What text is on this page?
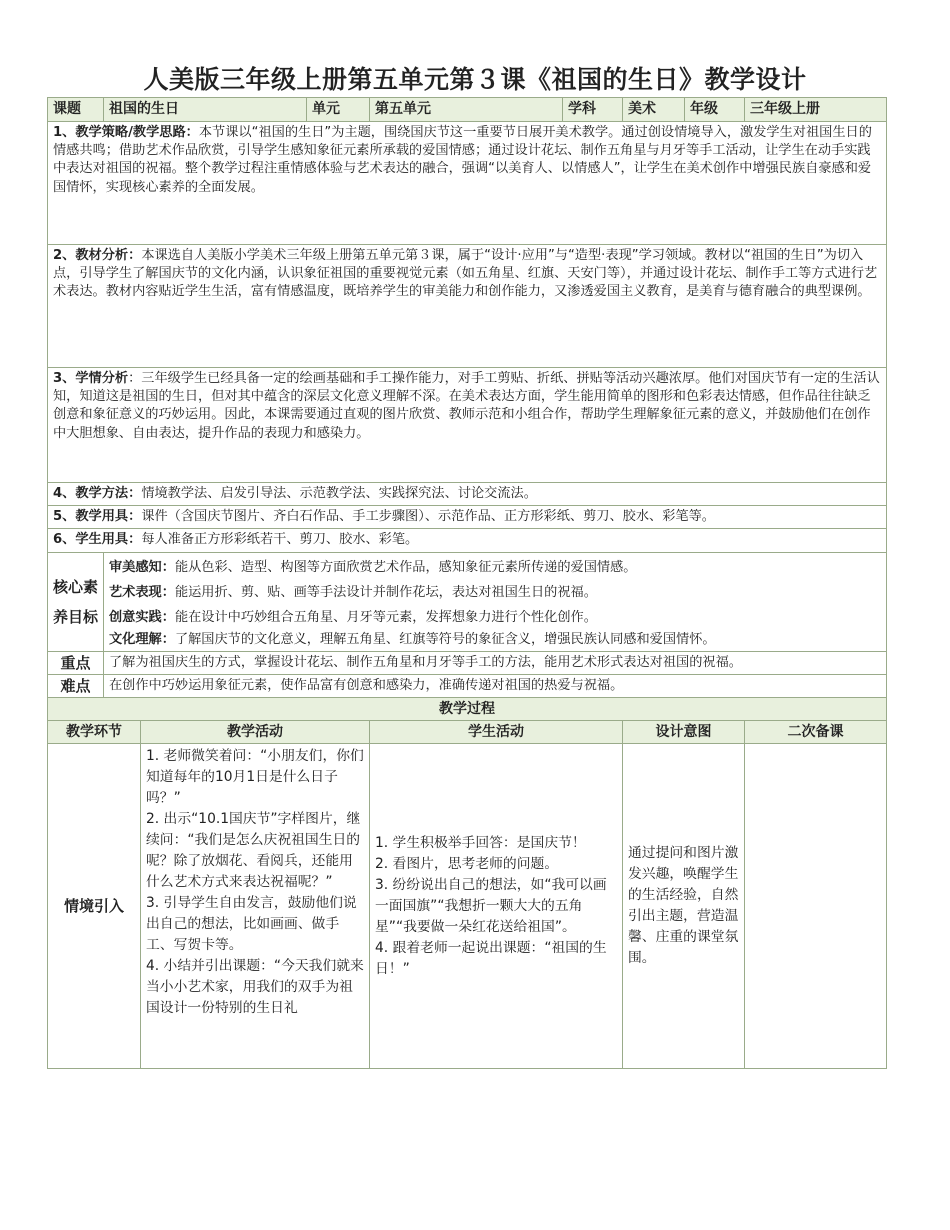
人美版三年级上册第五单元第３课《祖国的生日》教学设计
课题	祖国的生日		单元	第五单元	学科	美术	年级	三年级上册
1、教学策略/教学思路：本节课以“祖国的生日”为主题，围绕国庆节这一重要节日展开美术教学。通过创设情境导入，激发学生对祖国生日的情感共鸣；借助艺术作品欣赏，引导学生感知象征元素所承载的爱国情感；通过设计花坛、制作五角星与月牙等手工活动，让学生在动手实践中表达对祖国的祝福。整个教学过程注重情感体验与艺术表达的融合，强调“以美育人、以情感人”，让学生在美术创作中增强民族自豪感和爱国情怀，实现核心素养的全面发展。								
2、教材分析：本课选自人美版小学美术三年级上册第五单元第３课，属于“设计·应用”与“造型·表现”学习领域。教材以“祖国的生日”为切入点，引导学生了解国庆节的文化内涵，认识象征祖国的重要视觉元素（如五角星、红旗、天安门等），并通过设计花坛、制作手工等方式进行艺术表达。教材内容贴近学生生活，富有情感温度，既培养学生的审美能力和创作能力，又渗透爱国主义教育，是美育与德育融合的典型课例。								
3、学情分析：三年级学生已经具备一定的绘画基础和手工操作能力，对手工剪贴、折纸、拼贴等活动兴趣浓厚。他们对国庆节有一定的生活认知，知道这是祖国的生日，但对其中蕴含的深层文化意义理解不深。在美术表达方面，学生能用简单的图形和色彩表达情感，但作品往往缺乏创意和象征意义的巧妙运用。因此，本课需要通过直观的图片欣赏、教师示范和小组合作，帮助学生理解象征元素的意义，并鼓励他们在创作中大胆想象、自由表达，提升作品的表现力和感染力。								
4、教学方法：情境教学法、启发引导法、示范教学法、实践探究法、讨论交流法。								
5、教学用具：课件（含国庆节图片、齐白石作品、手工步骤图）、示范作品、正方形彩纸、剪刀、胶水、彩笔等。								
6、学生用具：每人准备正方形彩纸若干、剪刀、胶水、彩笔。								
核心素养目标	审美感知：能从色彩、造型、构图等方面欣赏艺术作品，感知象征元素所传递的爱国情感。
艺术表现：能运用折、剪、贴、画等手法设计并制作花坛，表达对祖国生日的祝福。
创意实践：能在设计中巧妙组合五角星、月牙等元素，发挥想象力进行个性化创作。
文化理解：了解国庆节的文化意义，理解五角星、红旗等符号的象征含义，增强民族认同感和爱国情怀。							

重点	了解为祖国庆生的方式，掌握设计花坛、制作五角星和月牙等手工的方法，能用艺术形式表达对祖国的祝福。							
难点	在创作中巧妙运用象征元素，使作品富有创意和感染力，准确传递对祖国的热爱与祝福。							
教学过程								
教学环节		教学活动		学生活动		设计意图		二次备课
情境引入		1. 老师微笑着问：“小朋友们，你们知道每年的10月1日是什么日子吗？”
2. 出示“10.1国庆节”字样图片，继续问：“我们是怎么庆祝祖国生日的呢？除了放烟花、看阅兵，还能用什么艺术方式来表达祝福呢？”
3. 引导学生自由发言，鼓励他们说出自己的想法，比如画画、做手工、写贺卡等。
4. 小结并引出课题：“今天我们就来当小小艺术家，用我们的双手为祖国设计一份特别的生日礼		1. 学生积极举手回答：是国庆节！
2. 看图片，思考老师的问题。
3. 纷纷说出自己的想法，如“我可以画一面国旗”“我想折一颗大大的五角星”“我要做一朵红花送给祖国”。
4. 跟着老师一起说出课题：“祖国的生日！”		通过提问和图片激发兴趣，唤醒学生的生活经验，自然引出主题，营造温馨、庄重的课堂氛围。		
